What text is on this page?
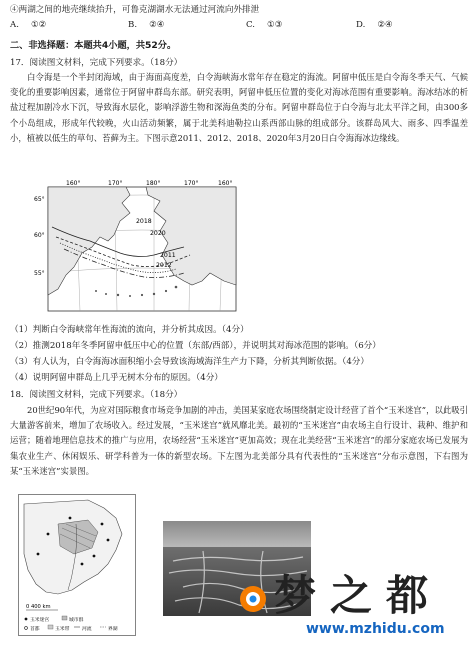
④两湖之间的地壳继续抬升，可鲁克湖湖水无法通过河流向外排泄
A. ①②	B. ②④	C. ①③	D. ②④
二、非选择题：本题共4小题，共52分。
17．阅读图文材料，完成下列要求。（18分）
白令海是一个半封闭海域，由于海面高度差，白令海峡海水常年存在稳定的海流。阿留申低压是白令海冬季天气、气候变化的重要影响因素，通常位于阿留申群岛东部。研究表明，阿留申低压位置的变化对海冰范围有重要影响。海冰结冰的析盐过程加剧冷水下沉，导致海水层化，影响浮游生物和深海鱼类的分布。阿留申群岛位于白令海与北太平洋之间，由300多个小岛组成，形成年代较晚，火山活动频繁，属于北美科迪勒拉山系西部山脉的组成部分。该群岛风大、雨多、四季温差小，植被以低生的草句、苔藓为主。下图示意2011、2012、2018、2020年3月20日白令海海冰边缘线。
2018
2020
2011
2012
160°	170°	180°	170°	160°
65°
60°
55°
（1）判断白令海峡常年性海流的流向，并分析其成因。（4分）
（2）推测2018年冬季阿留申低压中心的位置（东部/西部），并说明其对海冰范围的影响。（6分）
（3）有人认为，白令海海冰面积缩小会导致该海域海洋生产力下降，分析其判断依据。（4分）
（4）说明阿留申群岛上几乎无树木分布的原因。（4分）
18．阅读图文材料，完成下列要求。（18分）
20世纪90年代，为应对国际粮食市场竞争加剧的冲击，美国某家庭农场围绕制定设计经营了首个“玉米迷宫”，以此吸引大量游客前来，增加了农场收入。经过发展，“玉米迷宫”就风靡北美。最初的“玉米迷宫”由农场主自行设计、栽种、维护和运营；随着地理信息技术的推广与应用，农场经营“玉米迷宫”更加高效；现在北美经营“玉米迷宫”的部分家庭农场已发展为集农业生产、休闲娱乐、研学科普为一体的新型农场。下左图为北美部分具有代表性的“玉米迷宫”分布示意图，下右图为某“玉米迷宫”实景图。
0 400 km
玉米迷宫	城市群
首都	玉米带	河流	界湖
梦之都
www.mzhidu.com
